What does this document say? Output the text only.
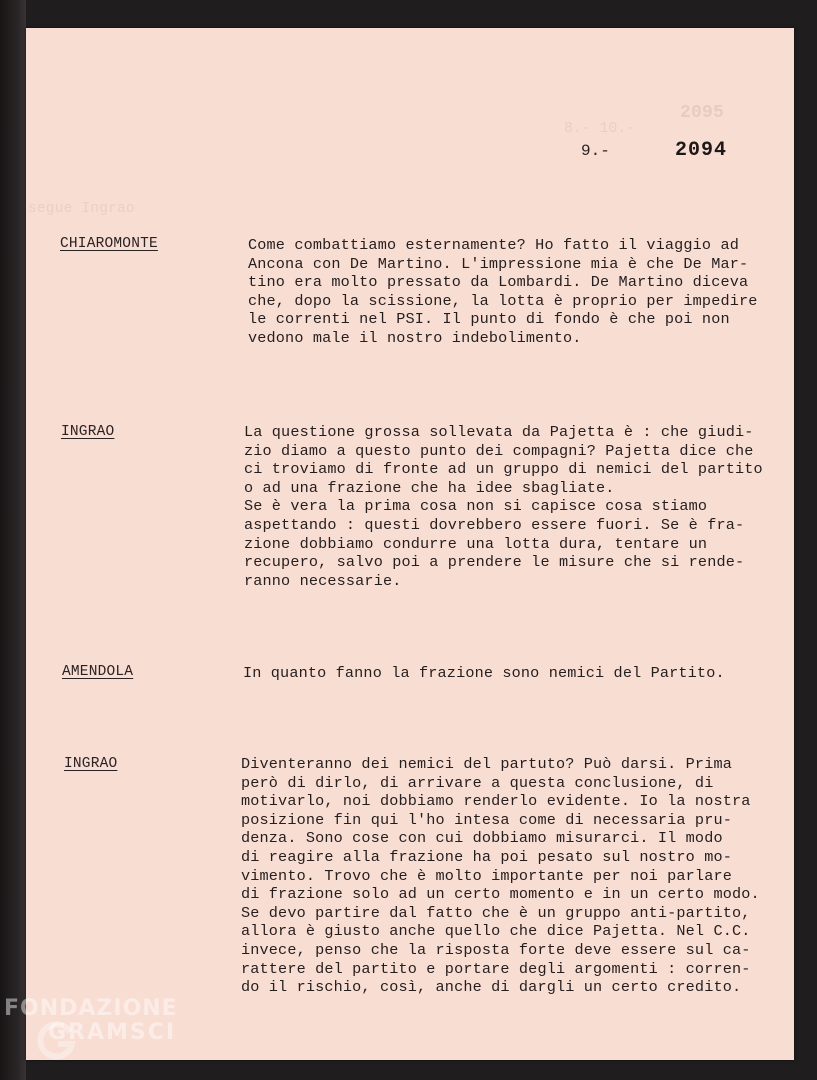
2095
8.- 10.-
segue Ingrao
9.-	2094
CHIAROMONTE	Come combattiamo esternamente? Ho fatto il viaggio ad
Ancona con De Martino. L'impressione mia è che De Mar-
tino era molto pressato da Lombardi. De Martino diceva
che, dopo la scissione, la lotta è proprio per impedire
le correnti nel PSI. Il punto di fondo è che poi non
vedono male il nostro indebolimento.
INGRAO	La questione grossa sollevata da Pajetta è : che giudi-
zio diamo a questo punto dei compagni? Pajetta dice che
ci troviamo di fronte ad un gruppo di nemici del partito
o ad una frazione che ha idee sbagliate.
Se è vera la prima cosa non si capisce cosa stiamo
aspettando : questi dovrebbero essere fuori. Se è fra-
zione dobbiamo condurre una lotta dura, tentare un
recupero, salvo poi a prendere le misure che si rende-
ranno necessarie.
AMENDOLA	In quanto fanno la frazione sono nemici del Partito.
INGRAO	Diventeranno dei nemici del partuto? Può darsi. Prima
però di dirlo, di arrivare a questa conclusione, di
motivarlo, noi dobbiamo renderlo evidente. Io la nostra
posizione fin qui l'ho intesa come di necessaria pru-
denza. Sono cose con cui dobbiamo misurarci. Il modo
di reagire alla frazione ha poi pesato sul nostro mo-
vimento. Trovo che è molto importante per noi parlare
di frazione solo ad un certo momento e in un certo modo.
Se devo partire dal fatto che è un gruppo anti-partito,
allora è giusto anche quello che dice Pajetta. Nel C.C.
invece, penso che la risposta forte deve essere sul ca-
rattere del partito e portare degli argomenti : corren-
do il rischio, così, anche di dargli un certo credito.
FONDAZIONE
GRAMSCI
